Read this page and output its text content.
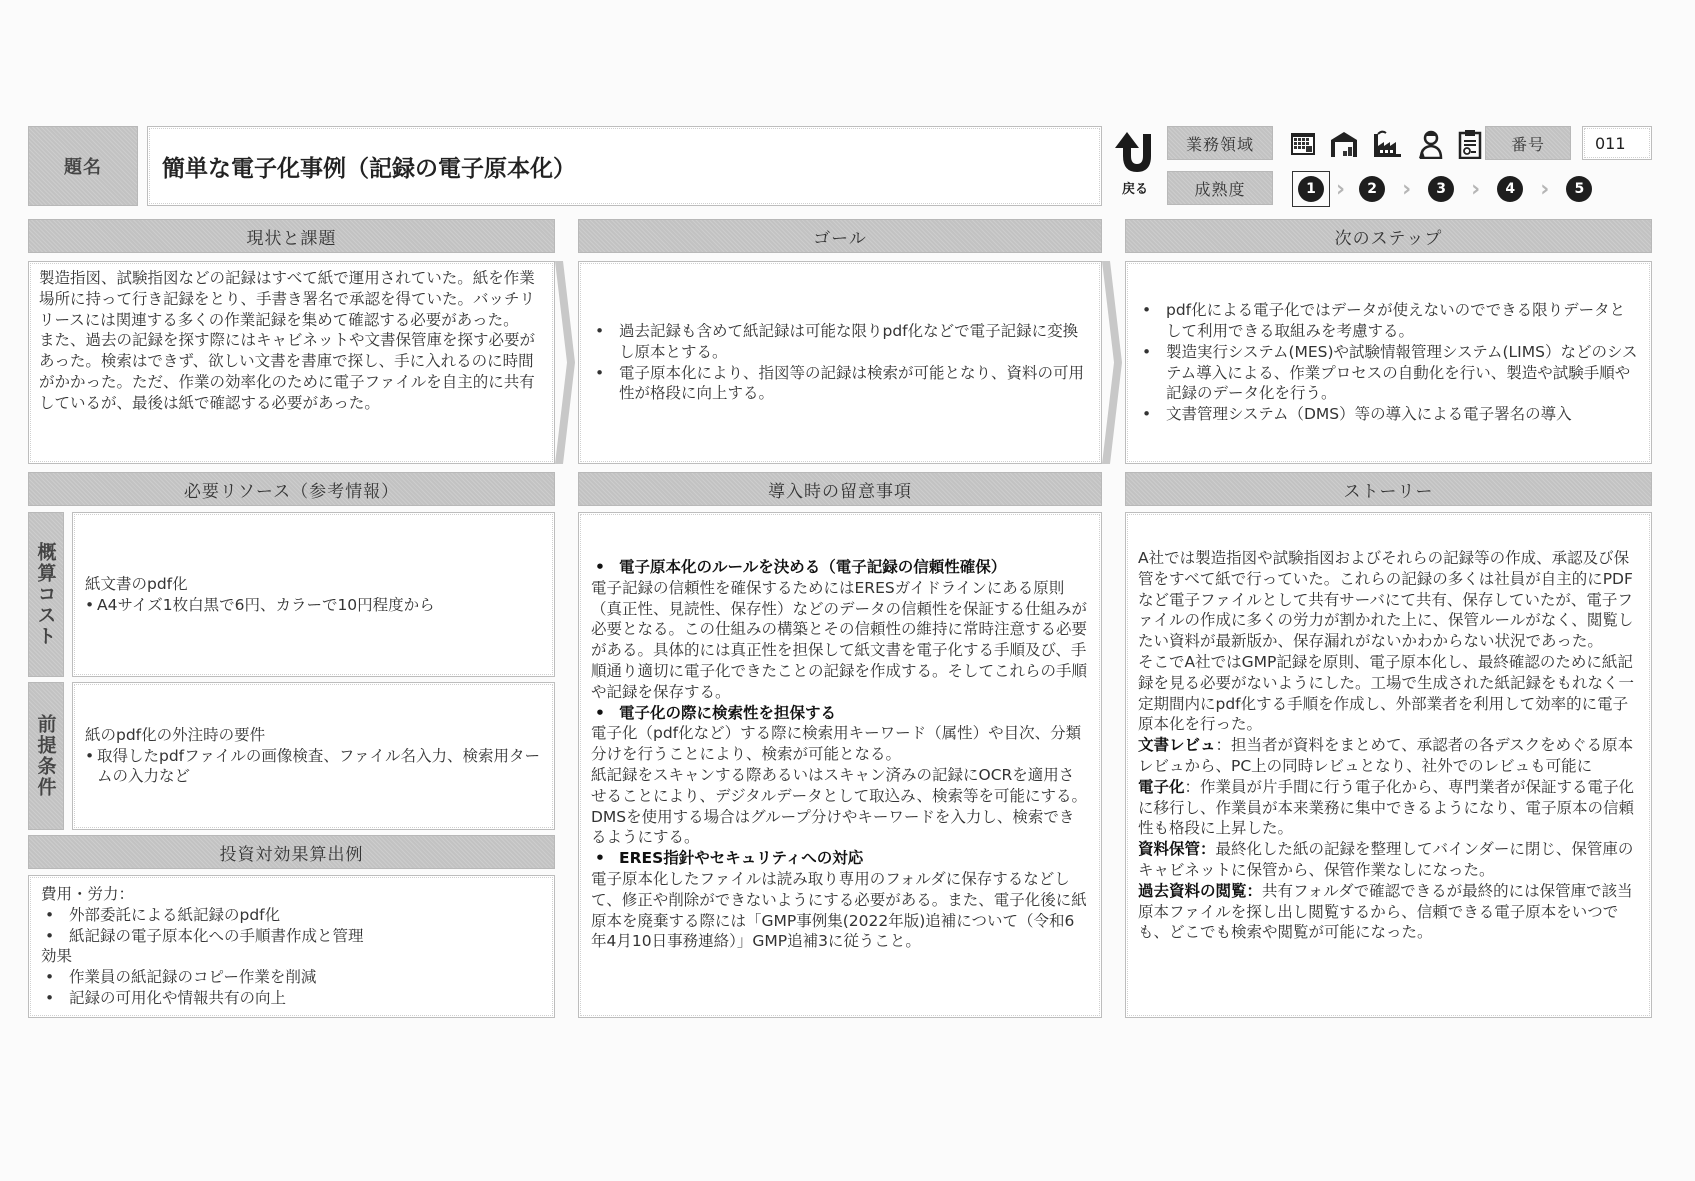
題名	簡単な電子化事例（記録の電子原本化）
戻る
業務領域
成熟度
番号	011
1 ›	2	›	3	›	4	›	5
現状と課題	ゴール	次のステップ
製造指図、試験指図などの記録はすべて紙で運用されていた。紙を作業場所に持って行き記録をとり、手書き署名で承認を得ていた。バッチリリースには関連する多くの作業記録を集めて確認する必要があった。
また、過去の記録を探す際にはキャビネットや文書保管庫を探す必要があった。検索はできず、欲しい文書を書庫で探し、手に入れるのに時間がかかった。ただ、作業の効率化のために電子ファイルを自主的に共有しているが、最後は紙で確認する必要があった。
• 過去記録も含めて紙記録は可能な限りpdf化などで電子記録に変換し原本とする。
• 電子原本化により、指図等の記録は検索が可能となり、資料の可用性が格段に向上する。
• pdf化による電子化ではデータが使えないのでできる限りデータとして利用できる取組みを考慮する。
• 製造実行システム(MES)や試験情報管理システム(LIMS）などのシステム導入による、作業プロセスの自動化を行い、製造や試験手順や記録のデータ化を行う。
• 文書管理システム（DMS）等の導入による電子署名の導入
必要リソース（参考情報）	導入時の留意事項	ストーリー
概算コスト	紙文書のpdf化
• A4サイズ1枚白黒で6円、カラーで10円程度から
前提条件	紙のpdf化の外注時の要件
• 取得したpdfファイルの画像検査、ファイル名入力、検索用タームの入力など
投資対効果算出例
費用・労力：
• 外部委託による紙記録のpdf化
• 紙記録の電子原本化への手順書作成と管理
効果
• 作業員の紙記録のコピー作業を削減
• 記録の可用化や情報共有の向上
• 電子原本化のルールを決める（電子記録の信頼性確保）
電子記録の信頼性を確保するためにはERESガイドラインにある原則（真正性、見読性、保存性）などのデータの信頼性を保証する仕組みが必要となる。この仕組みの構築とその信頼性の維持に常時注意する必要がある。具体的には真正性を担保して紙文書を電子化する手順及び、手順通り適切に電子化できたことの記録を作成する。そしてこれらの手順や記録を保存する。
• 電子化の際に検索性を担保する
電子化（pdf化など）する際に検索用キーワード（属性）や目次、分類分けを行うことにより、検索が可能となる。
紙記録をスキャンする際あるいはスキャン済みの記録にOCRを適用させることにより、デジタルデータとして取込み、検索等を可能にする。
DMSを使用する場合はグループ分けやキーワードを入力し、検索できるようにする。
• ERES指針やセキュリティへの対応
電子原本化したファイルは読み取り専用のフォルダに保存するなどして、修正や削除ができないようにする必要がある。また、電子化後に紙原本を廃棄する際には「GMP事例集(2022年版)追補について（令和6年4月10日事務連絡）」GMP追補3に従うこと。
A社では製造指図や試験指図およびそれらの記録等の作成、承認及び保管をすべて紙で行っていた。これらの記録の多くは社員が自主的にPDFなど電子ファイルとして共有サーバにて共有、保存していたが、電子ファイルの作成に多くの労力が割かれた上に、保管ルールがなく、閲覧したい資料が最新版か、保存漏れがないかわからない状況であった。
そこでA社ではGMP記録を原則、電子原本化し、最終確認のために紙記録を見る必要がないようにした。工場で生成された紙記録をもれなく一定期間内にpdf化する手順を作成し、外部業者を利用して効率的に電子原本化を行った。
文書レビュ：担当者が資料をまとめて、承認者の各デスクをめぐる原本レビュから、PC上の同時レビュとなり、社外でのレビュも可能に
電子化：作業員が片手間に行う電子化から、専門業者が保証する電子化に移行し、作業員が本来業務に集中できるようになり、電子原本の信頼性も格段に上昇した。
資料保管：最終化した紙の記録を整理してバインダーに閉じ、保管庫のキャビネットに保管から、保管作業なしになった。
過去資料の閲覧：共有フォルダで確認できるが最終的には保管庫で該当原本ファイルを探し出し閲覧するから、信頼できる電子原本をいつでも、どこでも検索や閲覧が可能になった。
